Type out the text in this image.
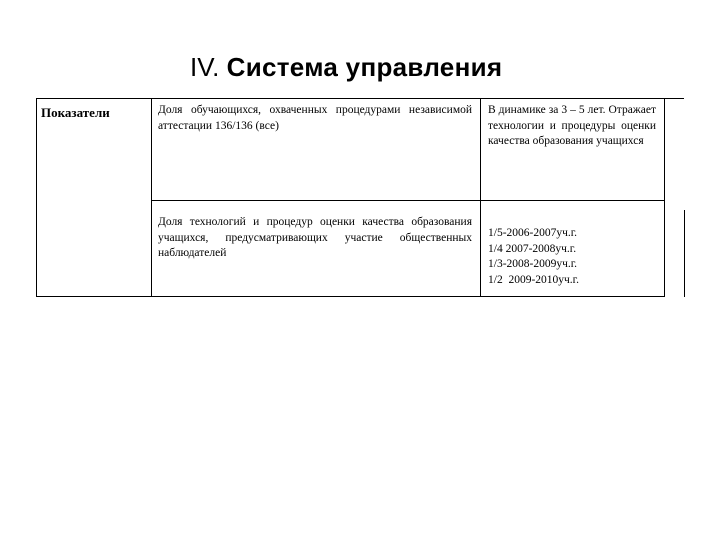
IV. Система управления
Показатели	Доля обучающихся, охваченных процедурами независимой аттестации 136/136 (все)
В динамике за 3 – 5 лет. Отражает технологии и процедуры оценки качества образования учащихся
Доля технологий и процедур оценки качества образования учащихся, предусматривающих участие общественных наблюдателей
1/5-2006-2007уч.г.
1/4 2007-2008уч.г.
1/3-2008-2009уч.г.
1/2  2009-2010уч.г.
